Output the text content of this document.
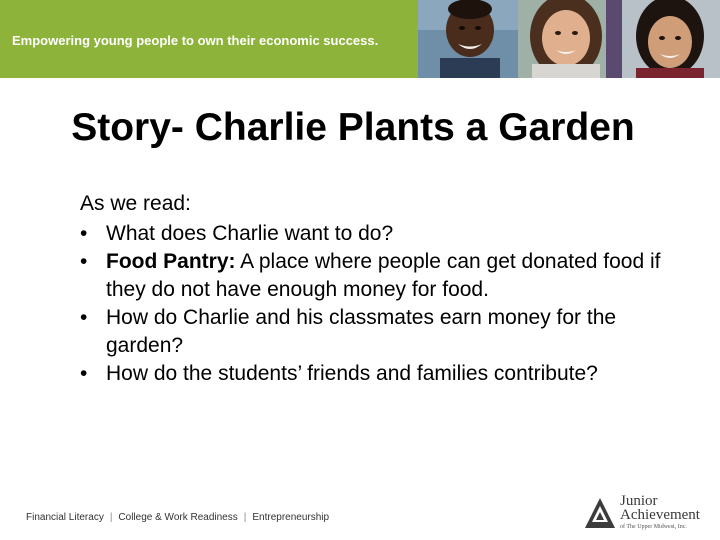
Empowering young people to own their economic success.
Story- Charlie Plants a Garden
As we read:
• What does Charlie want to do?
• Food Pantry: A place where people can get donated food if they do not have enough money for food.
• How do Charlie and his classmates earn money for the garden?
• How do the students’ friends and families contribute?
Financial Literacy | College & Work Readiness | Entrepreneurship
Junior
Achievement
of The Upper Midwest, Inc.
